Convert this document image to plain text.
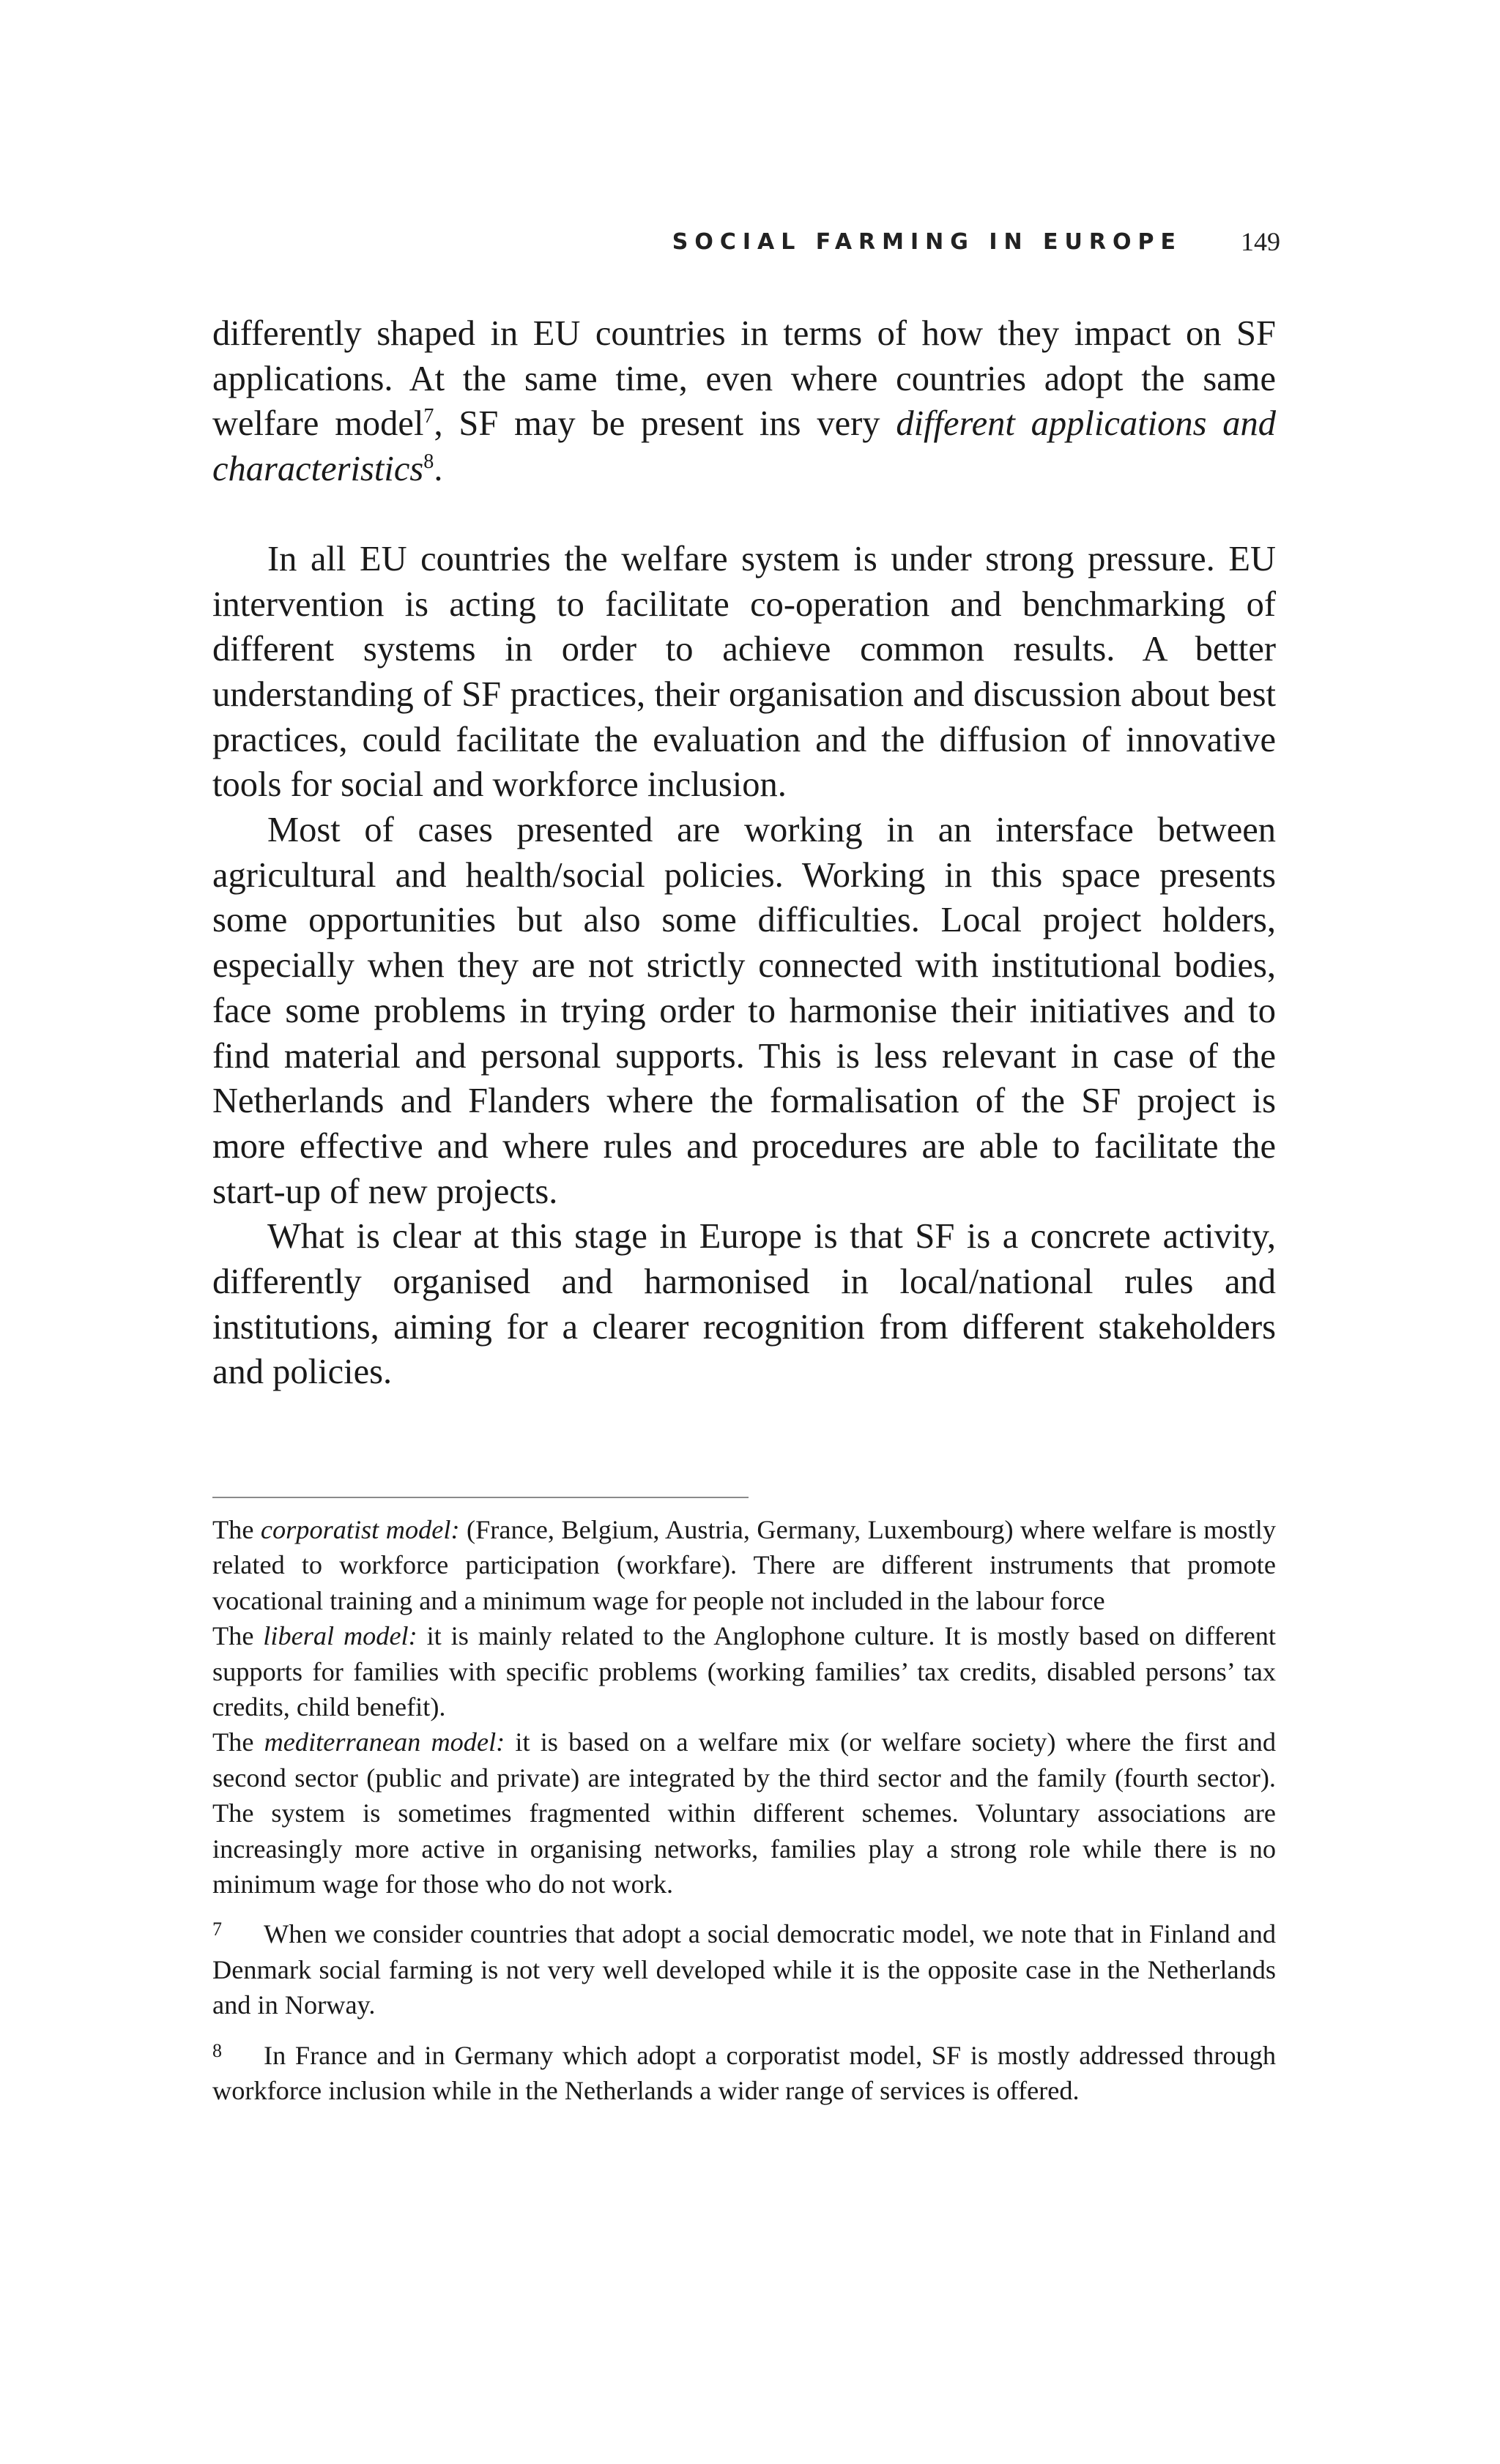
SOCIAL FARMING IN EUROPE 149

differently shaped in EU countries in terms of how they impact on SF applications. At the same time, even where countries adopt the same welfare model$^7$, SF may be present ins very different applications and characteristics$^8$.

In all EU countries the welfare system is under strong pressure. EU intervention is acting to facilitate co-operation and benchmarking of different systems in order to achieve common results. A better understanding of SF practices, their organisation and discussion about best practices, could facilitate the evaluation and the diffusion of innovative tools for social and workforce inclusion.

Most of cases presented are working in an intersface between agricultural and health/social policies. Working in this space presents some opportunities but also some difficulties. Local project holders, especially when they are not strictly connected with institutional bodies, face some problems in trying order to harmonise their initiatives and to find material and personal supports. This is less relevant in case of the Netherlands and Flanders where the formalisation of the SF project is more effective and where rules and procedures are able to facilitate the start-up of new projects.

What is clear at this stage in Europe is that SF is a concrete activity, differently organised and harmonised in local/national rules and institutions, aiming for a clearer recognition from different stakeholders and policies.

The corporatist model: (France, Belgium, Austria, Germany, Luxembourg) where welfare is mostly related to workforce participation (workfare). There are different instruments that promote vocational training and a minimum wage for people not included in the labour force

The liberal model: it is mainly related to the Anglophone culture. It is mostly based on different supports for families with specific problems (working families’ tax credits, disabled persons’ tax credits, child benefit).

The mediterranean model: it is based on a welfare mix (or welfare society) where the first and second sector (public and private) are integrated by the third sector and the family (fourth sector). The system is sometimes fragmented within different schemes. Voluntary associations are increasingly more active in organising networks, families play a strong role while there is no minimum wage for those who do not work.

7 When we consider countries that adopt a social democratic model, we note that in Finland and Denmark social farming is not very well developed while it is the opposite case in the Netherlands and in Norway.

8 In France and in Germany which adopt a corporatist model, SF is mostly addressed through workforce inclusion while in the Netherlands a wider range of services is offered.
